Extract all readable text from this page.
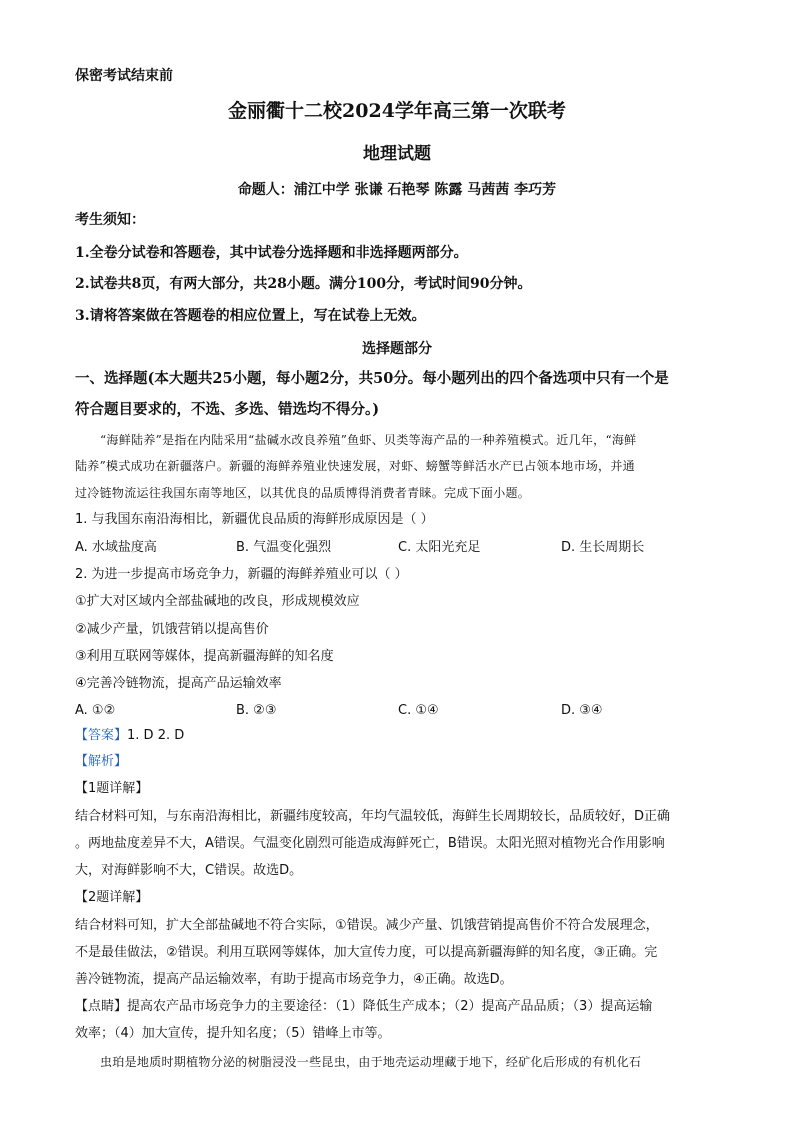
保密考试结束前
金丽衢十二校2024学年高三第一次联考
地理试题
命题人：浦江中学 张谦 石艳琴 陈露 马茜茜 李巧芳
考生须知：
1.全卷分试卷和答题卷，其中试卷分选择题和非选择题两部分。
2.试卷共8页，有两大部分，共28小题。满分100分，考试时间90分钟。
3.请将答案做在答题卷的相应位置上，写在试卷上无效。
选择题部分
一、选择题(本大题共25小题，每小题2分，共50分。每小题列出的四个备选项中只有一个是
符合题目要求的，不选、多选、错选均不得分。)
“海鲜陆养”是指在内陆采用“盐碱水改良养殖”鱼虾、贝类等海产品的一种养殖模式。近几年，“海鲜
陆养”模式成功在新疆落户。新疆的海鲜养殖业快速发展，对虾、螃蟹等鲜活水产已占领本地市场，并通
过冷链物流运往我国东南等地区，以其优良的品质博得消费者青睐。完成下面小题。
1. 与我国东南沿海相比，新疆优良品质的海鲜形成原因是（ ）
A. 水域盐度高	B. 气温变化强烈	C. 太阳光充足	D. 生长周期长
2. 为进一步提高市场竞争力，新疆的海鲜养殖业可以（ ）
①扩大对区域内全部盐碱地的改良，形成规模效应
②减少产量，饥饿营销以提高售价
③利用互联网等媒体，提高新疆海鲜的知名度
④完善冷链物流，提高产品运输效率
A. ①②	B. ②③	C. ①④	D. ③④
【答案】1. D 2. D
【解析】
【1题详解】
结合材料可知，与东南沿海相比，新疆纬度较高，年均气温较低，海鲜生长周期较长，品质较好，D正确
。两地盐度差异不大，A错误。气温变化剧烈可能造成海鲜死亡，B错误。太阳光照对植物光合作用影响
大，对海鲜影响不大，C错误。故选D。
【2题详解】
结合材料可知，扩大全部盐碱地不符合实际，①错误。减少产量、饥饿营销提高售价不符合发展理念，
不是最佳做法，②错误。利用互联网等媒体，加大宣传力度，可以提高新疆海鲜的知名度，③正确。完
善冷链物流，提高产品运输效率，有助于提高市场竞争力，④正确。故选D。
【点睛】提高农产品市场竞争力的主要途径：（1）降低生产成本；（2）提高产品品质；（3）提高运输
效率；（4）加大宣传，提升知名度；（5）错峰上市等。
虫珀是地质时期植物分泌的树脂浸没一些昆虫，由于地壳运动埋藏于地下，经矿化后形成的有机化石
